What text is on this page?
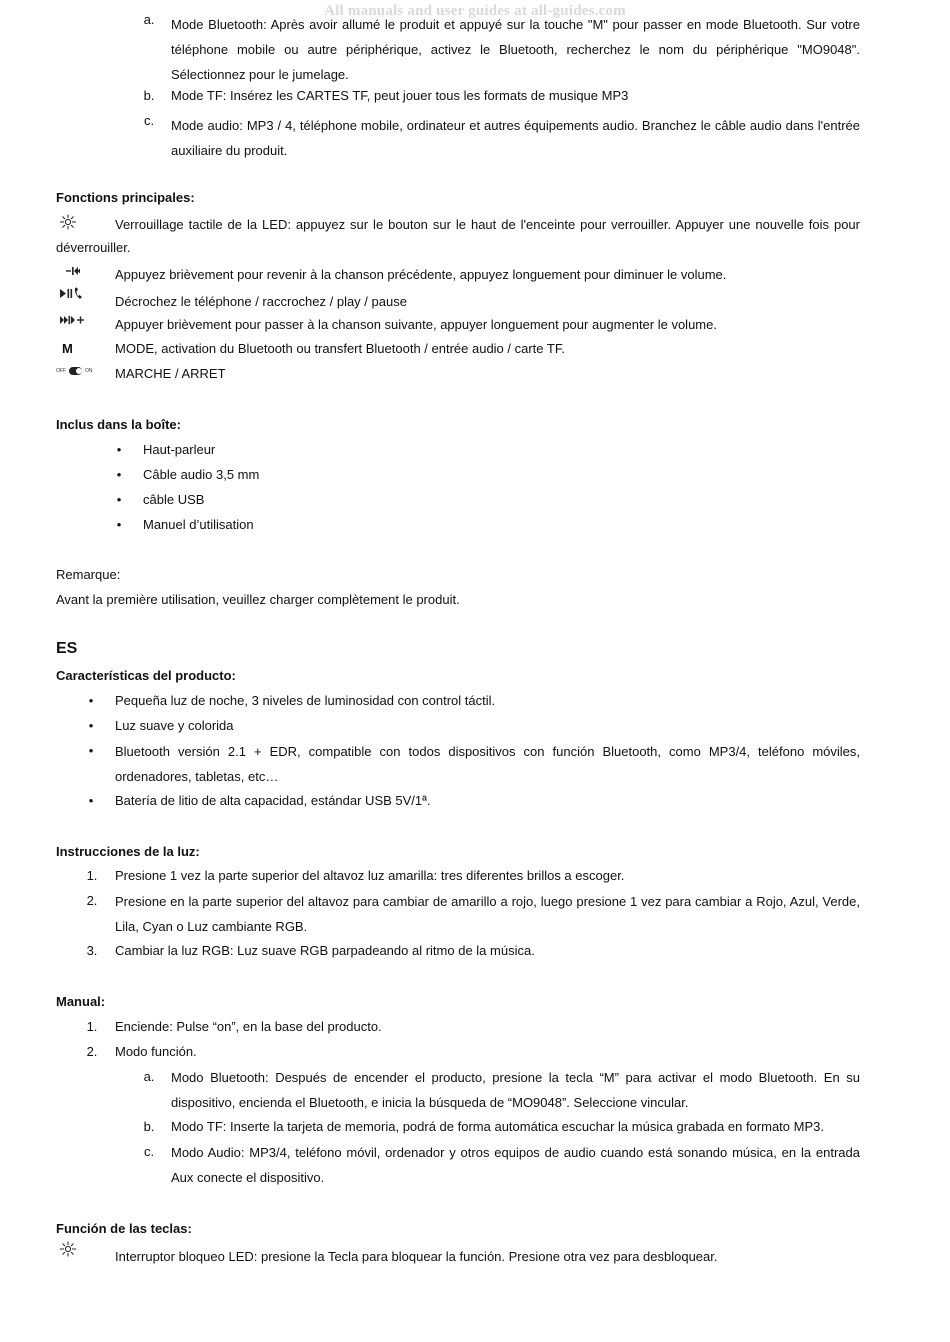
All manuals and user guides at all-guides.com
a.	Mode Bluetooth: Après avoir allumé le produit et appuyé sur la touche "M" pour passer en mode Bluetooth. Sur votre téléphone mobile ou autre périphérique, activez le Bluetooth, recherchez le nom du périphérique "MO9048". Sélectionnez pour le jumelage.
b.	Mode TF: Insérez les CARTES TF, peut jouer tous les formats de musique MP3
c.	Mode audio: MP3 / 4, téléphone mobile, ordinateur et autres équipements audio. Branchez le câble audio dans l'entrée auxiliaire du produit.
Fonctions principales:
Verrouillage tactile de la LED: appuyez sur le bouton sur le haut de l'enceinte pour verrouiller. Appuyer une nouvelle fois pour
déverrouiller.
Appuyez brièvement pour revenir à la chanson précédente, appuyez longuement pour diminuer le volume.
Décrochez le téléphone / raccrochez / play / pause
Appuyer brièvement pour passer à la chanson suivante, appuyer longuement pour augmenter le volume.
M	MODE, activation du Bluetooth ou transfert Bluetooth / entrée audio / carte TF.
OFF	ON MARCHE / ARRET
Inclus dans la boîte:
• Haut-parleur
• Câble audio 3,5 mm
• câble USB
• Manuel d’utilisation
Remarque:
Avant la première utilisation, veuillez charger complètement le produit.
ES
Características del producto:
• Pequeña luz de noche, 3 niveles de luminosidad con control táctil.
• Luz suave y colorida
• Bluetooth versión 2.1 + EDR, compatible con todos dispositivos con función Bluetooth, como MP3/4, teléfono móviles, ordenadores, tabletas, etc…
• Batería de litio de alta capacidad, estándar USB 5V/1ª.
Instrucciones de la luz:
1.	Presione 1 vez la parte superior del altavoz luz amarilla: tres diferentes brillos a escoger.
2.	Presione en la parte superior del altavoz para cambiar de amarillo a rojo, luego presione 1 vez para cambiar a Rojo, Azul, Verde, Lila, Cyan o Luz cambiante RGB.
3.	Cambiar la luz RGB: Luz suave RGB parpadeando al ritmo de la música.
Manual:
1.	Enciende: Pulse “on”, en la base del producto.
2.	Modo función.
a.	Modo Bluetooth: Después de encender el producto, presione la tecla “M” para activar el modo Bluetooth. En su dispositivo, encienda el Bluetooth, e inicia la búsqueda de “MO9048”. Seleccione vincular.
b.	Modo TF: Inserte la tarjeta de memoria, podrá de forma automática escuchar la música grabada en formato MP3.
c.	Modo Audio: MP3/4, teléfono móvil, ordenador y otros equipos de audio cuando está sonando música, en la entrada Aux conecte el dispositivo.
Función de las teclas:
Interruptor bloqueo LED: presione la Tecla para bloquear la función. Presione otra vez para desbloquear.
